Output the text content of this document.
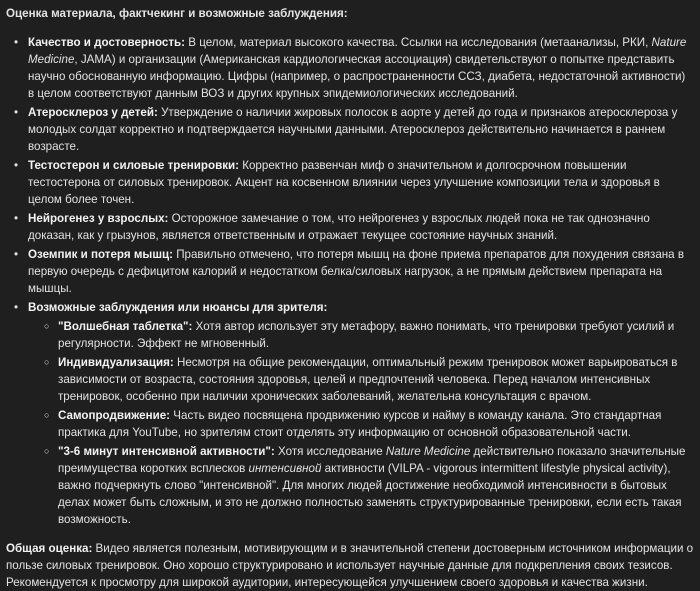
Оценка материала, фактчекинг и возможные заблуждения:
• Качество и достоверность: В целом, материал высокого качества. Ссылки на исследования (метаанализы, РКИ, Nature Medicine, JAMA) и организации (Американская кардиологическая ассоциация) свидетельствуют о попытке представить научно обоснованную информацию. Цифры (например, о распространенности ССЗ, диабета, недостаточной активности) в целом соответствуют данным ВОЗ и других крупных эпидемиологических исследований.
• Атеросклероз у детей: Утверждение о наличии жировых полосок в аорте у детей до года и признаков атеросклероза у молодых солдат корректно и подтверждается научными данными. Атеросклероз действительно начинается в раннем возрасте.
• Тестостерон и силовые тренировки: Корректно развенчан миф о значительном и долгосрочном повышении тестостерона от силовых тренировок. Акцент на косвенном влиянии через улучшение композиции тела и здоровья в целом более точен.
• Нейрогенез у взрослых: Осторожное замечание о том, что нейрогенез у взрослых людей пока не так однозначно доказан, как у грызунов, является ответственным и отражает текущее состояние научных знаний.
• Оземпик и потеря мышц: Правильно отмечено, что потеря мышц на фоне приема препаратов для похудения связана в первую очередь с дефицитом калорий и недостатком белка/силовых нагрузок, а не прямым действием препарата на мышцы.
• Возможные заблуждения или нюансы для зрителя:
○ "Волшебная таблетка": Хотя автор использует эту метафору, важно понимать, что тренировки требуют усилий и регулярности. Эффект не мгновенный.
○ Индивидуализация: Несмотря на общие рекомендации, оптимальный режим тренировок может варьироваться в зависимости от возраста, состояния здоровья, целей и предпочтений человека. Перед началом интенсивных тренировок, особенно при наличии хронических заболеваний, желательна консультация с врачом.
○ Самопродвижение: Часть видео посвящена продвижению курсов и найму в команду канала. Это стандартная практика для YouTube, но зрителям стоит отделять эту информацию от основной образовательной части.
○ "3-6 минут интенсивной активности": Хотя исследование Nature Medicine действительно показало значительные преимущества коротких всплесков интенсивной активности (VILPA - vigorous intermittent lifestyle physical activity), важно подчеркнуть слово "интенсивной". Для многих людей достижение необходимой интенсивности в бытовых делах может быть сложным, и это не должно полностью заменять структурированные тренировки, если есть такая возможность.
Общая оценка: Видео является полезным, мотивирующим и в значительной степени достоверным источником информации о пользе силовых тренировок. Оно хорошо структурировано и использует научные данные для подкрепления своих тезисов. Рекомендуется к просмотру для широкой аудитории, интересующейся улучшением своего здоровья и качества жизни.
